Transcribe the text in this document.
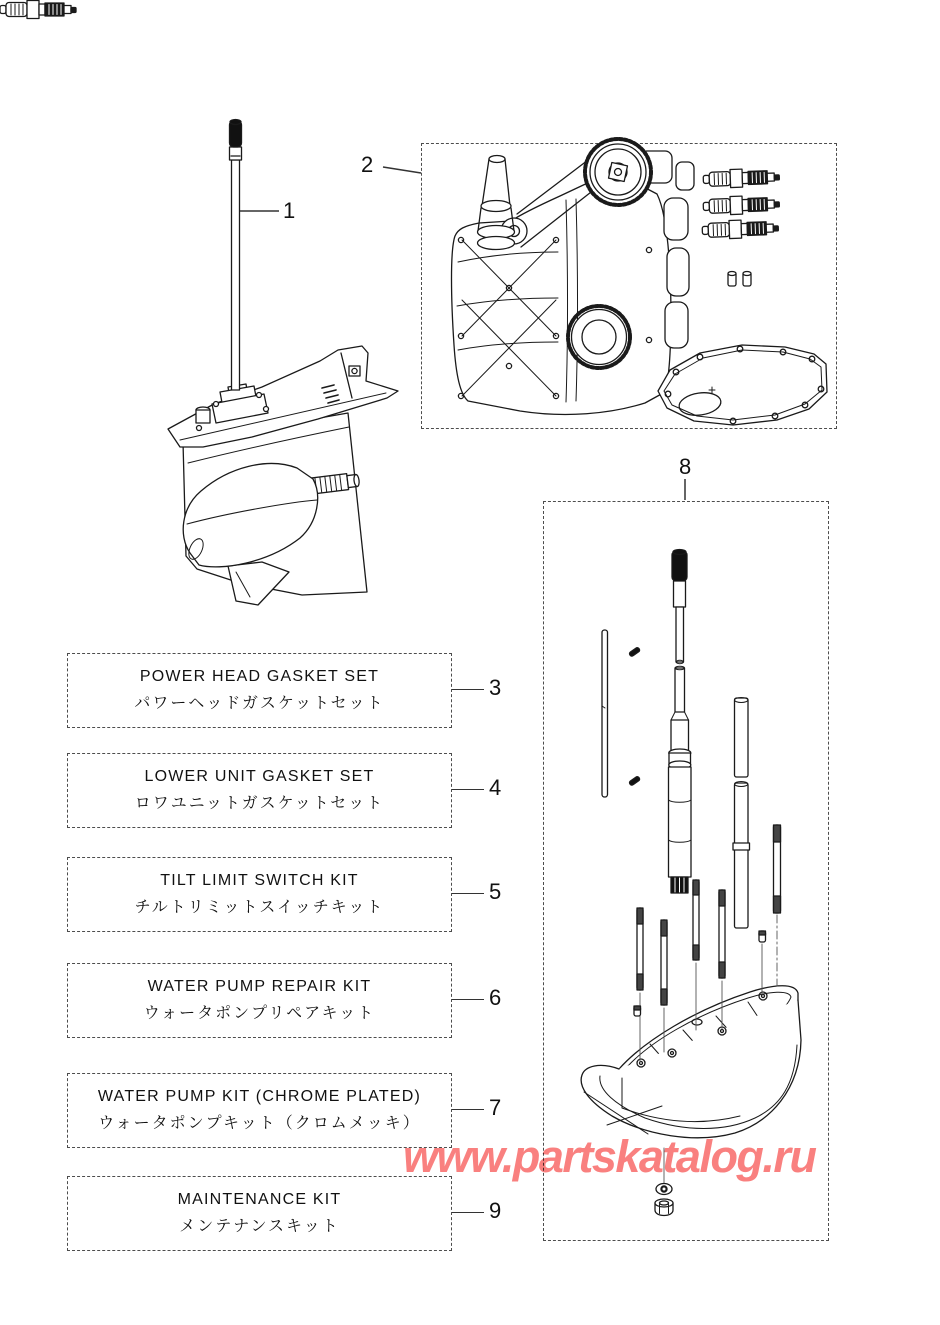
1
2
8
POWER HEAD GASKET SET
パワーヘッドガスケットセット
3
LOWER UNIT GASKET SET
ロワユニットガスケットセット
4
TILT LIMIT SWITCH KIT
チルトリミットスイッチキット
5
WATER PUMP REPAIR KIT
ウォータポンプリペアキット
6
WATER PUMP KIT (CHROME PLATED)
ウォータポンプキット（クロムメッキ）
7
MAINTENANCE KIT
メンテナンスキット
9
www.partskatalog.ru
